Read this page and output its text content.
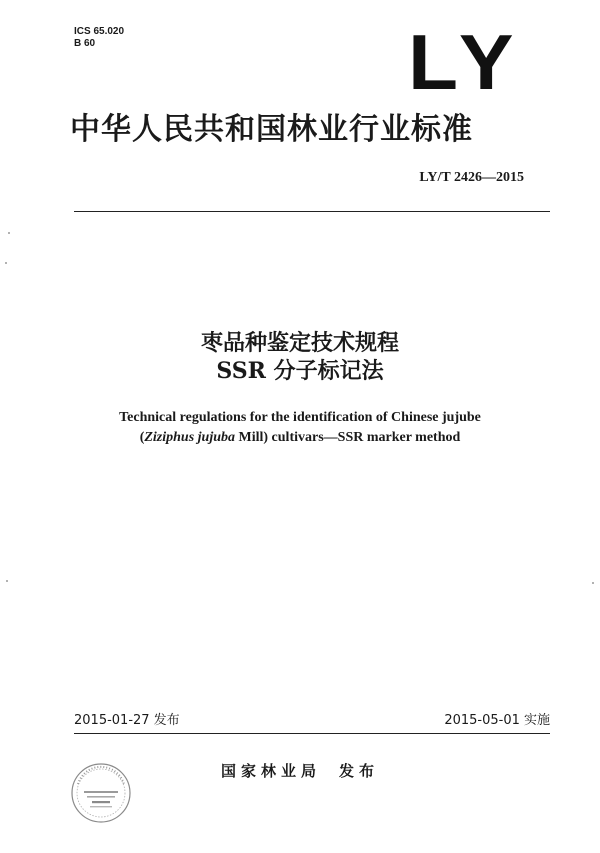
ICS 65.020
B 60	LY
中华人民共和国林业行业标准
LY/T 2426—2015
枣品种鉴定技术规程
SSR 分子标记法
Technical regulations for the identification of Chinese jujube
(Ziziphus jujuba Mill) cultivars—SSR marker method
2015-01-27 发布	2015-05-01 实施
国家林业局 发布
